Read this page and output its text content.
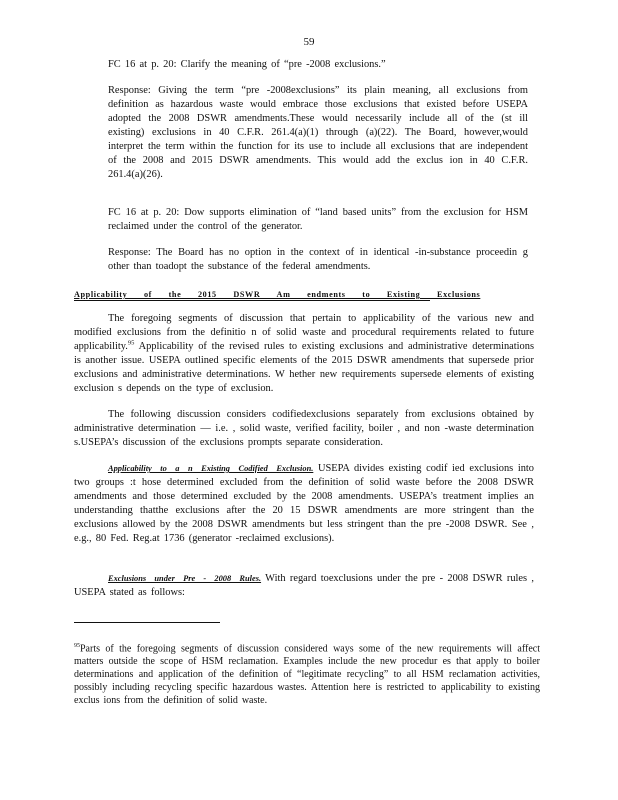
59

FC 16 at p. 20: Clarify the meaning of “pre -2008 exclusions.”

Response: Giving the term “pre -2008exclusions” its plain meaning, all exclusions from definition as hazardous waste would embrace those exclusions that existed before USEPA adopted the 2008 DSWR amendments.These would necessarily include all of the (st ill existing) exclusions in 40 C.F.R. 261.4(a)(1) through (a)(22). The Board, however,would interpret the term within the function for its use to include all exclusions that are independent of the 2008 and 2015 DSWR amendments. This would add the exclus ion in 40 C.F.R. 261.4(a)(26).

FC 16 at p. 20: Dow supports elimination of “land based units” from the exclusion for HSM reclaimed under the control of the generator.

Response: The Board has no option in the context of in identical -in-substance proceedin g other than toadopt the substance of the federal amendments.

Applicability of the 2015 DSWR Am endments to Existing Exclusions

The foregoing segments of discussion that pertain to applicability of the various new and modified exclusions from the definitio n of solid waste and procedural requirements related to future applicability.$^{95}$ Applicability of the revised rules to existing exclusions and administrative determinations is another issue. USEPA outlined specific elements of the 2015 DSWR amendments that supersede prior exclusions and administrative determinations. W hether new requirements supersede elements of existing exclusion s depends on the type of exclusion.

The following discussion considers codifiedexclusions separately from exclusions obtained by administrative determination — i.e. , solid waste, verified facility, boiler , and non -waste determination s.USEPA’s discussion of the exclusions prompts separate consideration.

Applicability to a n Existing Codified Exclusion. USEPA divides existing codif ied exclusions into two groups :t hose determined excluded from the definition of solid waste before the 2008 DSWR amendments and those determined excluded by the 2008 amendments. USEPA’s treatment implies an understanding thatthe exclusions after the 20 15 DSWR amendments are more stringent than the exclusions allowed by the 2008 DSWR amendments but less stringent than the pre -2008 DSWR. See , e.g., 80 Fed. Reg.at 1736 (generator -reclaimed exclusions).

Exclusions under Pre - 2008 Rules. With regard toexclusions under the pre - 2008 DSWR rules , USEPA stated as follows:

$^{95}$Parts of the foregoing segments of discussion considered ways some of the new requirements will affect matters outside the scope of HSM reclamation. Examples include the new procedur es that apply to boiler determinations and application of the definition of “legitimate recycling” to all HSM reclamation activities, possibly including recycling specific hazardous wastes. Attention here is restricted to applicability to existing exclus ions from the definition of solid waste.
